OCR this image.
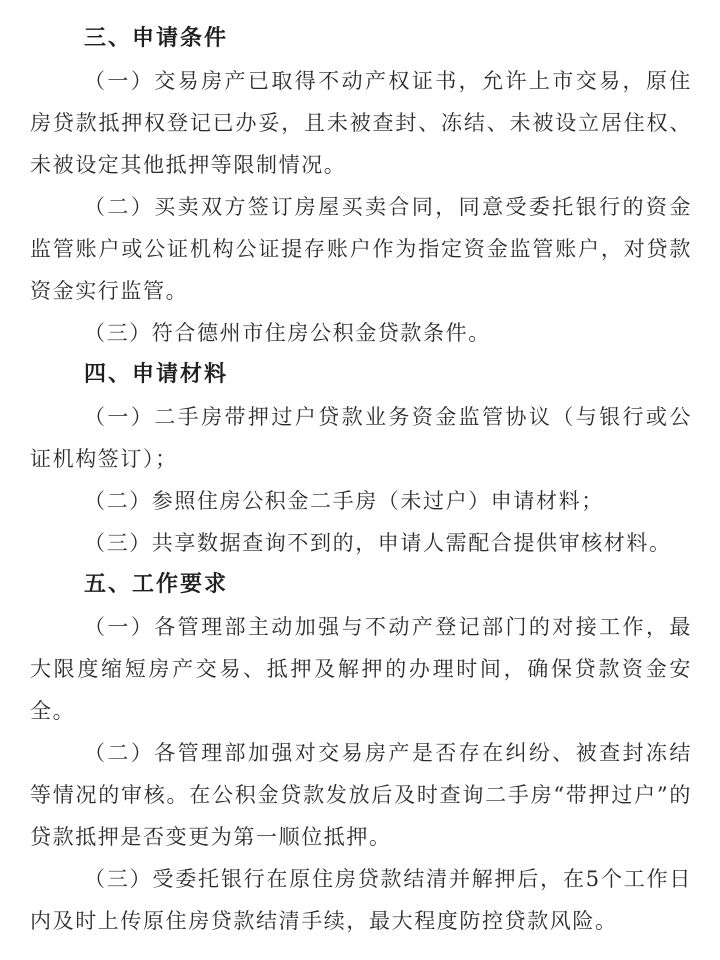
三、申请条件

（一）交易房产已取得不动产权证书，允许上市交易，原住房贷款抵押权登记已办妥，且未被查封、冻结、未被设立居住权、未被设定其他抵押等限制情况。

（二）买卖双方签订房屋买卖合同，同意受委托银行的资金监管账户或公证机构公证提存账户作为指定资金监管账户，对贷款资金实行监管。

（三）符合德州市住房公积金贷款条件。

四、申请材料

（一）二手房带押过户贷款业务资金监管协议（与银行或公证机构签订）；

（二）参照住房公积金二手房（未过户）申请材料；

（三）共享数据查询不到的，申请人需配合提供审核材料。

五、工作要求

（一）各管理部主动加强与不动产登记部门的对接工作，最大限度缩短房产交易、抵押及解押的办理时间，确保贷款资金安全。

（二）各管理部加强对交易房产是否存在纠纷、被查封冻结等情况的审核。在公积金贷款发放后及时查询二手房“带押过户”的贷款抵押是否变更为第一顺位抵押。

（三）受委托银行在原住房贷款结清并解押后，在5个工作日内及时上传原住房贷款结清手续，最大程度防控贷款风险。
